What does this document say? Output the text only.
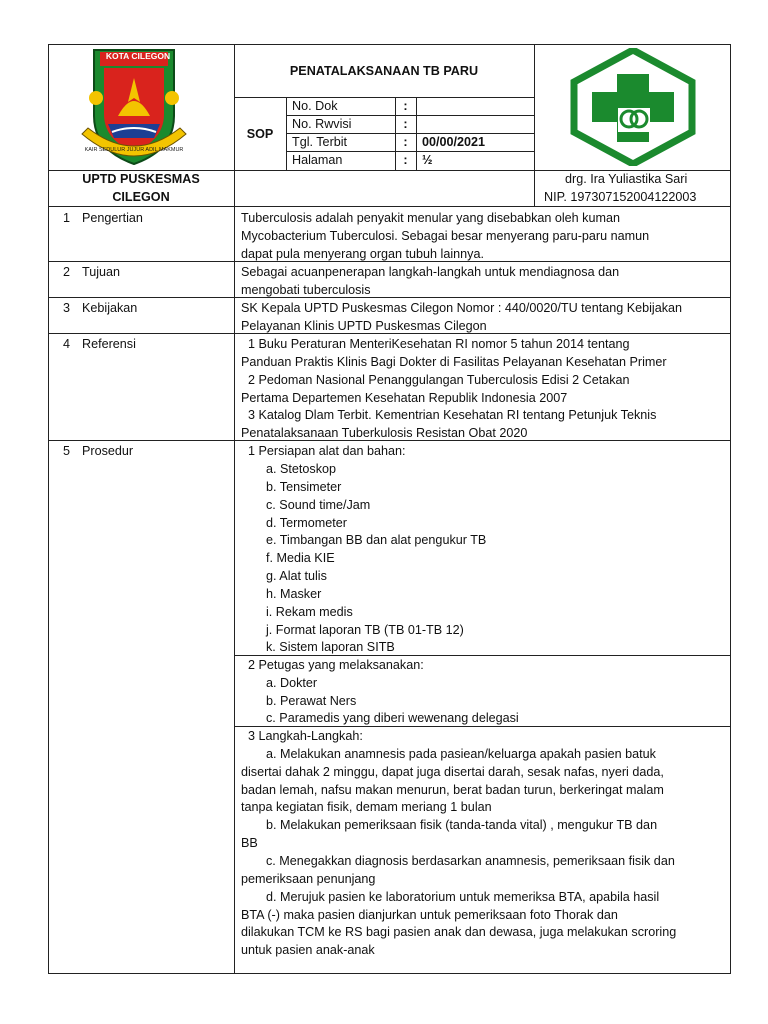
KOTA CILEGON
KAIR SEDULUR JUJUR ADIL MAKMUR
PENATALAKSANAAN TB PARU
SOP
No. Dok	:
No. Rwvisi	:
Tgl. Terbit	:	00/00/2021
Halaman	:	½
UPTD PUSKESMAS
CILEGON
drg. Ira Yuliastika Sari
NIP. 197307152004122003
1 Pengertian	Tuberculosis adalah penyakit menular yang disebabkan oleh kuman
Mycobacterium Tuberculosi. Sebagai besar menyerang paru-paru namun
dapat pula menyerang organ tubuh lainnya.
2 Tujuan	Sebagai acuanpenerapan langkah-langkah untuk mendiagnosa dan
mengobati tuberculosis
3 Kebijakan	SK Kepala UPTD Puskesmas Cilegon Nomor : 440/0020/TU tentang Kebijakan
Pelayanan Klinis UPTD Puskesmas Cilegon
4 Referensi	1 Buku Peraturan MenteriKesehatan RI nomor 5 tahun 2014 tentang
Panduan Praktis Klinis Bagi Dokter di Fasilitas Pelayanan Kesehatan Primer
2 Pedoman Nasional Penanggulangan Tuberculosis Edisi 2 Cetakan
Pertama Departemen Kesehatan Republik Indonesia 2007
3 Katalog Dlam Terbit. Kementrian Kesehatan RI tentang Petunjuk Teknis
Penatalaksanaan Tuberkulosis Resistan Obat 2020
5 Prosedur	1 Persiapan alat dan bahan:
a. Stetoskop
b. Tensimeter
c. Sound time/Jam
d. Termometer
e. Timbangan BB dan alat pengukur TB
f. Media KIE
g. Alat tulis
h. Masker
i. Rekam medis
j. Format laporan TB (TB 01-TB 12)
k. Sistem laporan SITB
2 Petugas yang melaksanakan:
a. Dokter
b. Perawat Ners
c. Paramedis yang diberi wewenang delegasi
3 Langkah-Langkah:
a. Melakukan anamnesis pada pasiean/keluarga apakah pasien batuk
disertai dahak 2 minggu, dapat juga disertai darah, sesak nafas, nyeri dada,
badan lemah, nafsu makan menurun, berat badan turun, berkeringat malam
tanpa kegiatan fisik, demam meriang 1 bulan
b. Melakukan pemeriksaan fisik (tanda-tanda vital) , mengukur TB dan
BB
c. Menegakkan diagnosis berdasarkan anamnesis, pemeriksaan fisik dan
pemeriksaan penunjang
d. Merujuk pasien ke laboratorium untuk memeriksa BTA, apabila hasil
BTA (-) maka pasien dianjurkan untuk pemeriksaan foto Thorak dan
dilakukan TCM ke RS bagi pasien anak dan dewasa, juga melakukan scroring
untuk pasien anak-anak
